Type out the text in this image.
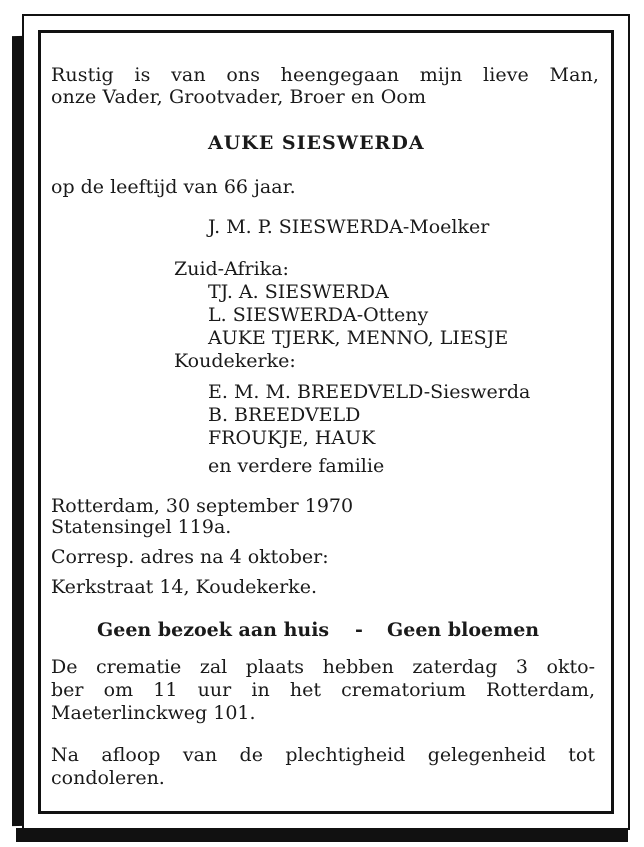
Rustig is van ons heengegaan mijn lieve Man,
onze Vader, Grootvader, Broer en Oom
AUKE SIESWERDA
op de leeftijd van 66 jaar.
J. M. P. SIESWERDA-Moelker
Zuid-Afrika:
TJ. A. SIESWERDA
L. SIESWERDA-Otteny
AUKE TJERK, MENNO, LIESJE
Koudekerke:
E. M. M. BREEDVELD-Sieswerda
B. BREEDVELD
FROUKJE, HAUK
en verdere familie
Rotterdam, 30 september 1970
Statensingel 119a.
Corresp. adres na 4 oktober:
Kerkstraat 14, Koudekerke.
Geen bezoek aan huis - Geen bloemen
De crematie zal plaats hebben zaterdag 3 okto-
ber om 11 uur in het crematorium Rotterdam,
Maeterlinckweg 101.
Na afloop van de plechtigheid gelegenheid tot
condoleren.
